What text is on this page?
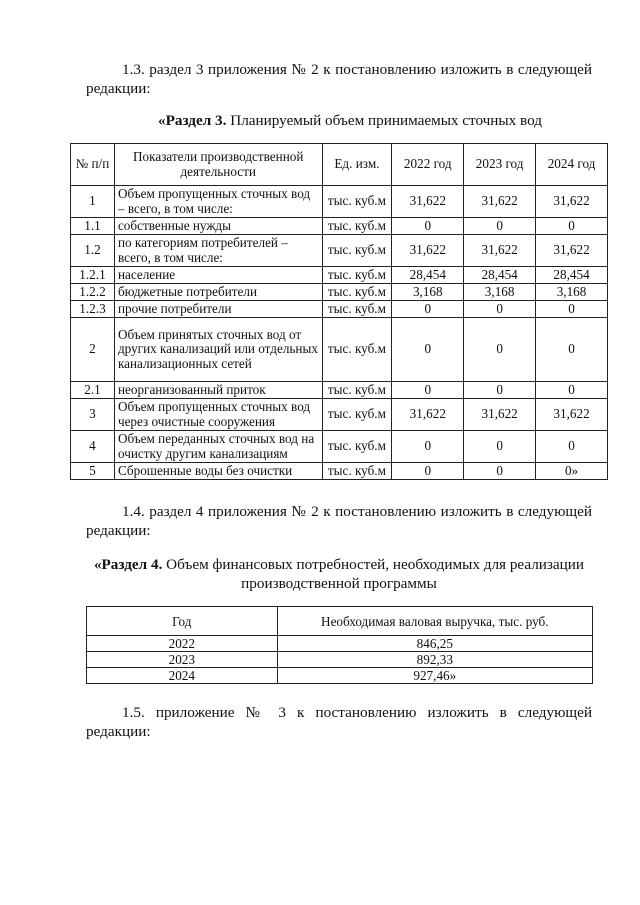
1.3. раздел 3 приложения № 2 к постановлению изложить в следующей редакции:
«Раздел 3. Планируемый объем принимаемых сточных вод
№ п/п	Показатели производственной деятельности	Ед. изм.	2022 год	2023 год	2024 год
1	Объем пропущенных сточных вод – всего, в том числе:	тыс. куб.м	31,622	31,622	31,622
1.1	собственные нужды	тыс. куб.м	0	0	0
1.2	по категориям потребителей – всего, в том числе:	тыс. куб.м	31,622	31,622	31,622
1.2.1	население	тыс. куб.м	28,454	28,454	28,454
1.2.2	бюджетные потребители	тыс. куб.м	3,168	3,168	3,168
1.2.3	прочие потребители	тыс. куб.м	0	0	0
2	Объем принятых сточных вод от других канализаций или отдельных канализационных сетей	тыс. куб.м	0	0	0
2.1	неорганизованный приток	тыс. куб.м	0	0	0
3	Объем пропущенных сточных вод через очистные сооружения	тыс. куб.м	31,622	31,622	31,622
4	Объем переданных сточных вод на очистку другим канализациям	тыс. куб.м	0	0	0
5	Сброшенные воды без очистки	тыс. куб.м	0	0	0»
1.4. раздел 4 приложения № 2 к постановлению изложить в следующей редакции:
«Раздел 4. Объем финансовых потребностей, необходимых для реализации производственной программы
Год	Необходимая валовая выручка, тыс. руб.
2022	846,25
2023	892,33
2024	927,46»
1.5. приложение № 3 к постановлению изложить в следующей редакции:
